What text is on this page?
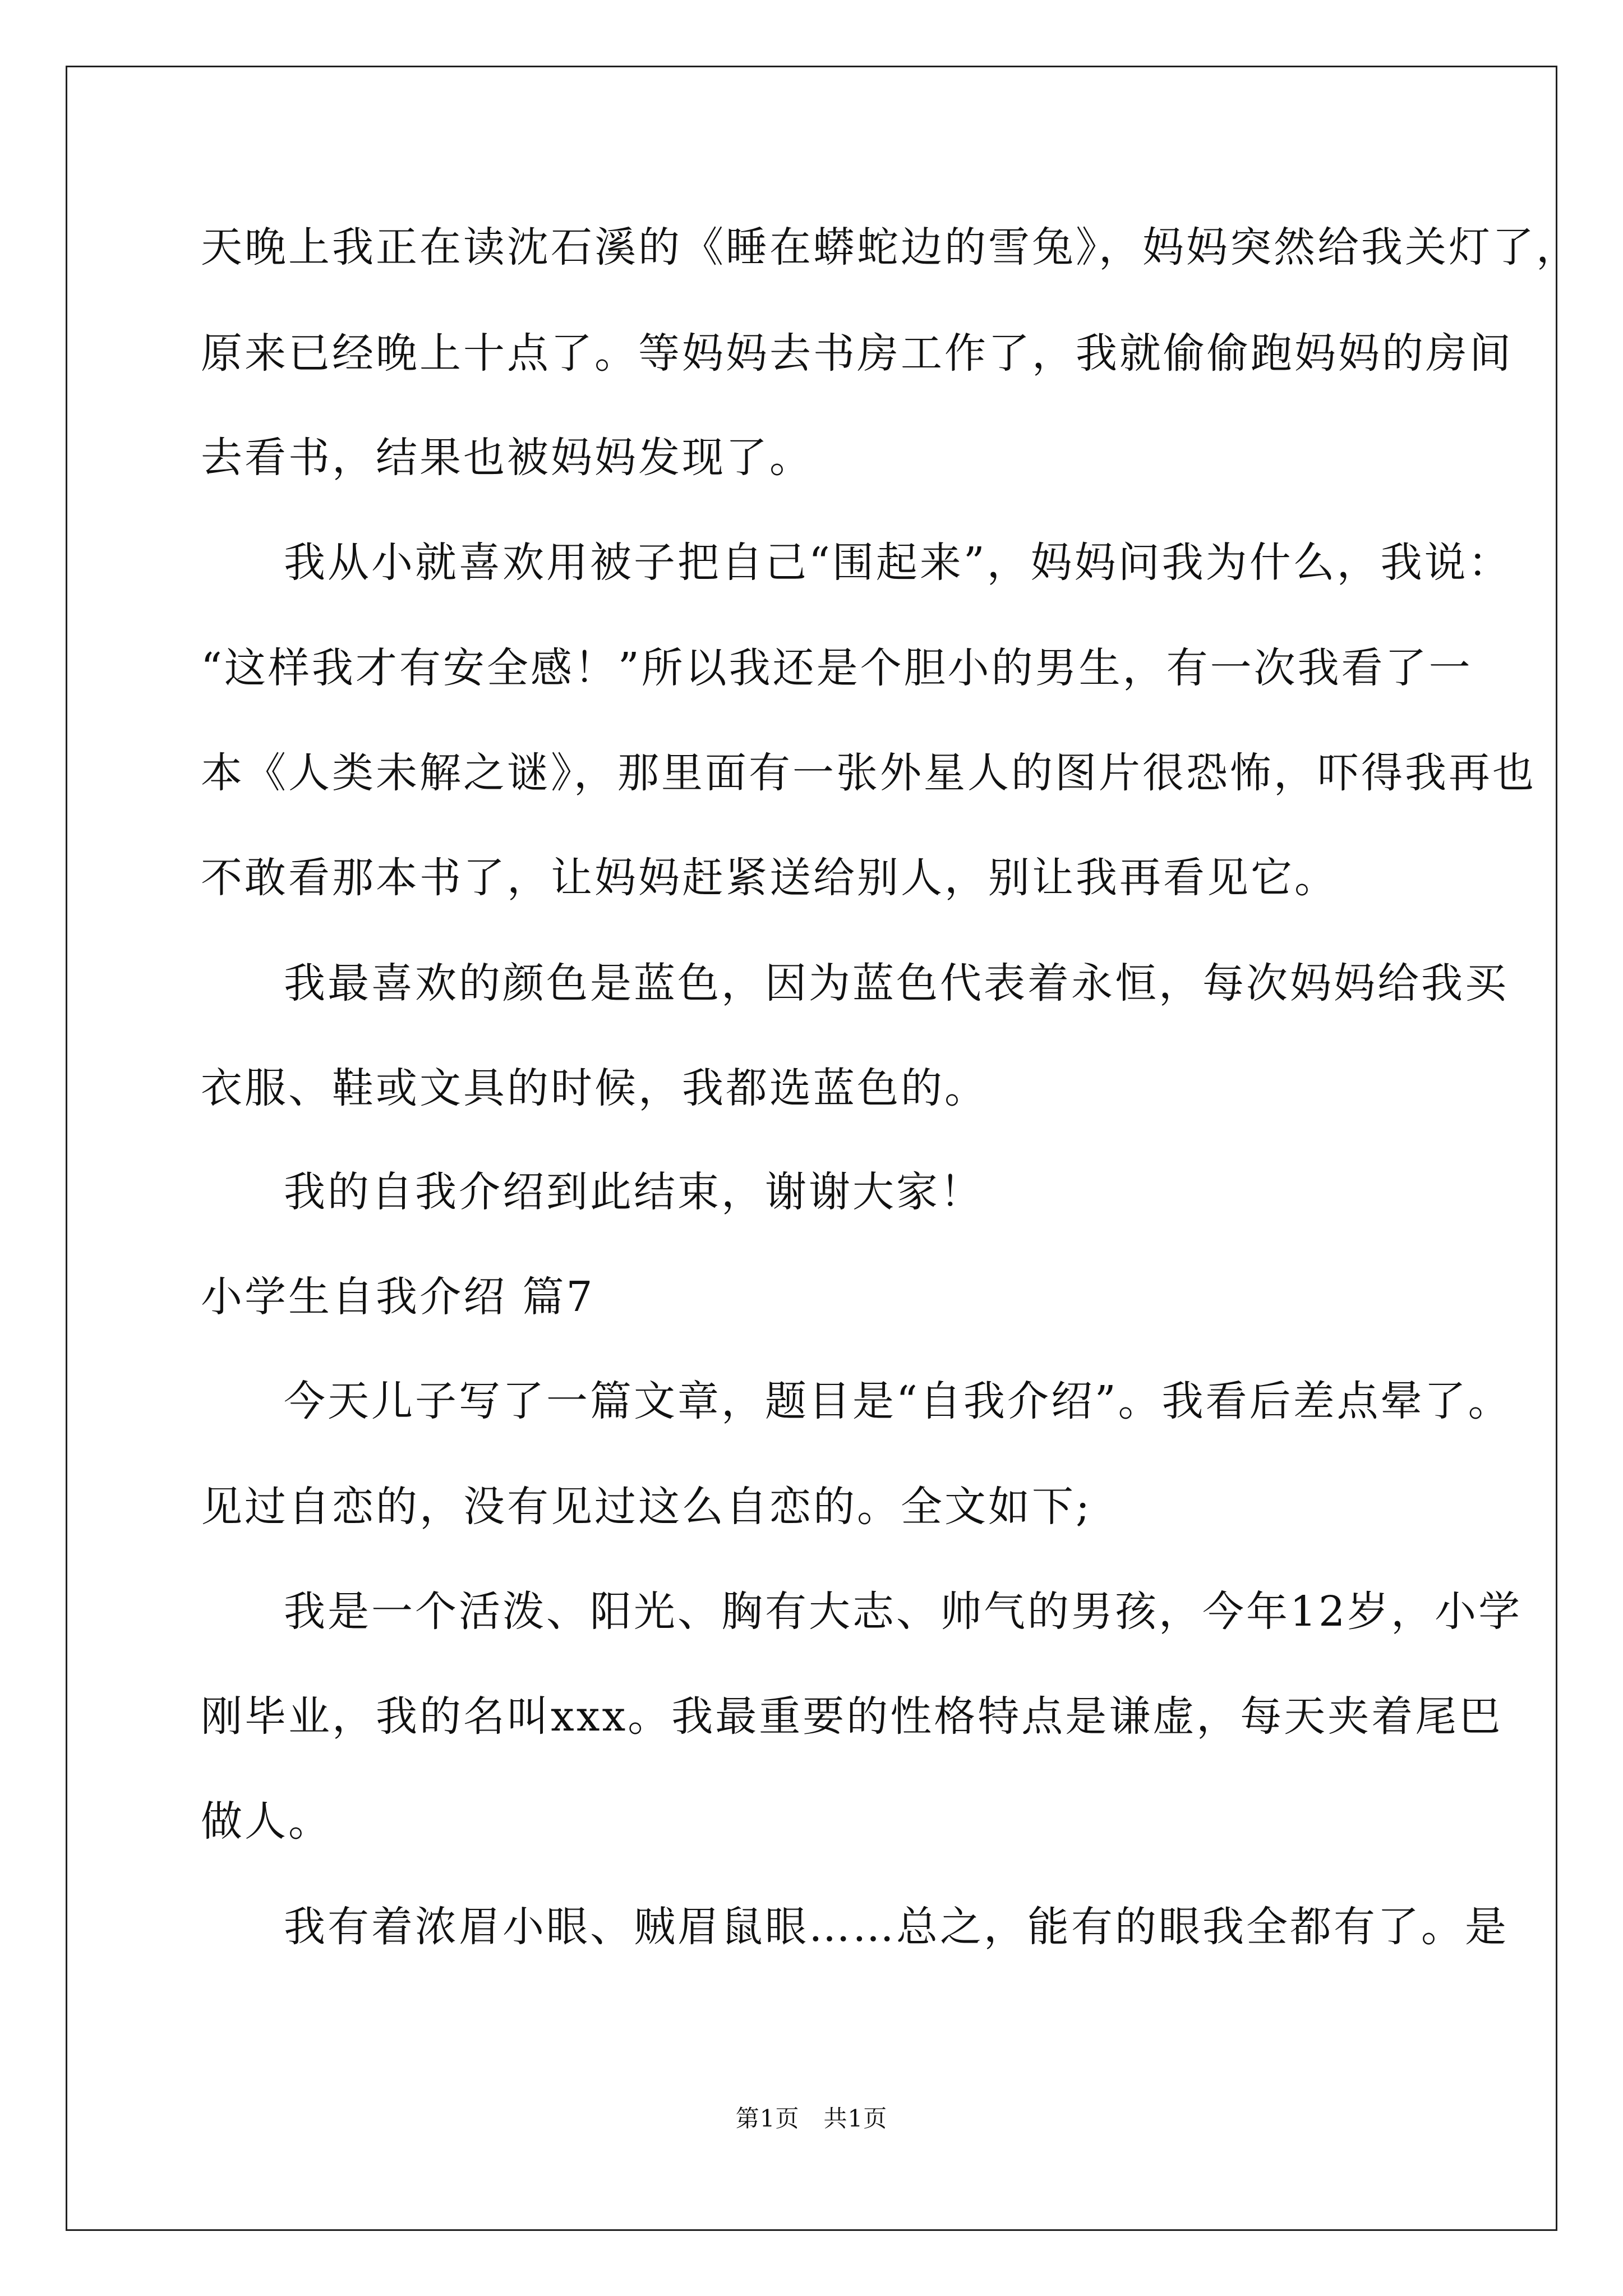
天晚上我正在读沈石溪的《睡在蟒蛇边的雪兔》，妈妈突然给我关灯了，
原来已经晚上十点了。等妈妈去书房工作了，我就偷偷跑妈妈的房间
去看书，结果也被妈妈发现了。
我从小就喜欢用被子把自己“围起来”，妈妈问我为什么，我说：
“这样我才有安全感！”所以我还是个胆小的男生，有一次我看了一
本《人类未解之谜》，那里面有一张外星人的图片很恐怖，吓得我再也
不敢看那本书了，让妈妈赶紧送给别人，别让我再看见它。
我最喜欢的颜色是蓝色，因为蓝色代表着永恒，每次妈妈给我买
衣服、鞋或文具的时候，我都选蓝色的。
我的自我介绍到此结束，谢谢大家！
小学生自我介绍 篇7
今天儿子写了一篇文章，题目是“自我介绍”。我看后差点晕了。
见过自恋的，没有见过这么自恋的。全文如下;
我是一个活泼、阳光、胸有大志、帅气的男孩，今年12岁，小学
刚毕业，我的名叫xxx。我最重要的性格特点是谦虚，每天夹着尾巴
做人。
我有着浓眉小眼、贼眉鼠眼……总之，能有的眼我全都有了。是
第1页　共1页
